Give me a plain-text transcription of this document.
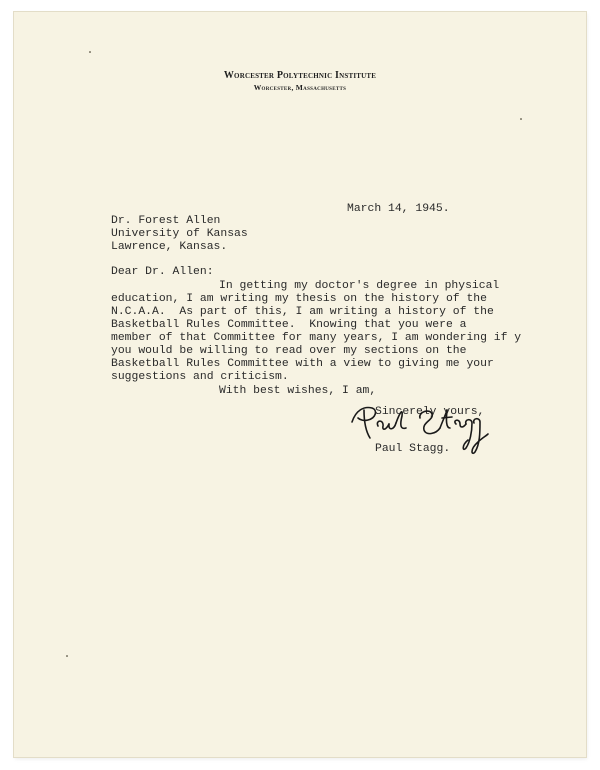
Worcester Polytechnic Institute
Worcester, Massachusetts
March 14, 1945.
Dr. Forest Allen
University of Kansas
Lawrence, Kansas.
Dear Dr. Allen:
In getting my doctor's degree in physical
education, I am writing my thesis on the history of the
N.C.A.A.  As part of this, I am writing a history of the
Basketball Rules Committee.  Knowing that you were a
member of that Committee for many years, I am wondering if y
you would be willing to read over my sections on the
Basketball Rules Committee with a view to giving me your
suggestions and criticism.
With best wishes, I am,
Sincerely yours,
Paul Stagg
Paul Stagg.
